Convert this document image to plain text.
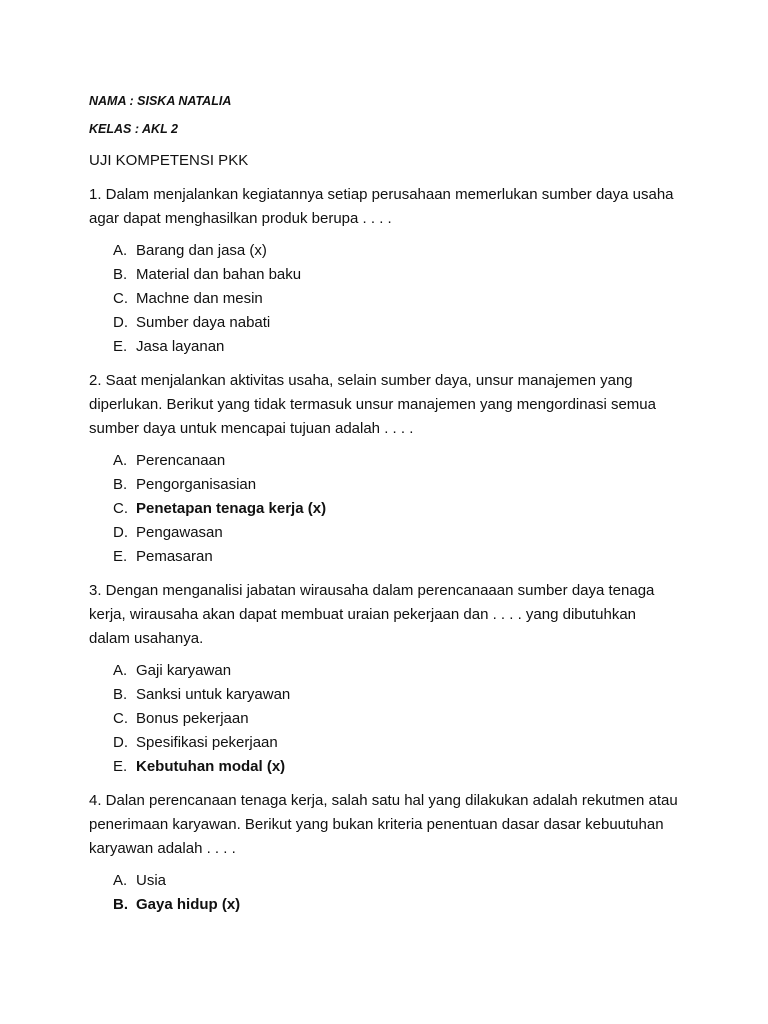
NAMA : SISKA NATALIA

KELAS : AKL 2

UJI KOMPETENSI PKK

1. Dalam menjalankan kegiatannya setiap perusahaan memerlukan sumber daya usaha agar dapat menghasilkan produk berupa . . . .

A. Barang dan jasa (x)
B. Material dan bahan baku
C. Machne dan mesin
D. Sumber daya nabati
E. Jasa layanan

2. Saat menjalankan aktivitas usaha, selain sumber daya, unsur manajemen yang diperlukan. Berikut yang tidak termasuk unsur manajemen yang mengordinasi semua sumber daya untuk mencapai tujuan adalah . . . .

A. Perencanaan
B. Pengorganisasian
C. Penetapan tenaga kerja (x)
D. Pengawasan
E. Pemasaran

3. Dengan menganalisi jabatan wirausaha dalam perencanaaan sumber daya tenaga kerja, wirausaha akan dapat membuat uraian pekerjaan dan . . . . yang dibutuhkan dalam usahanya.

A. Gaji karyawan
B. Sanksi untuk karyawan
C. Bonus pekerjaan
D. Spesifikasi pekerjaan
E. Kebutuhan modal (x)

4. Dalan perencanaan tenaga kerja, salah satu hal yang dilakukan adalah rekutmen atau penerimaan karyawan. Berikut yang bukan kriteria penentuan dasar dasar kebuutuhan karyawan adalah . . . .

A. Usia
B. Gaya hidup (x)
